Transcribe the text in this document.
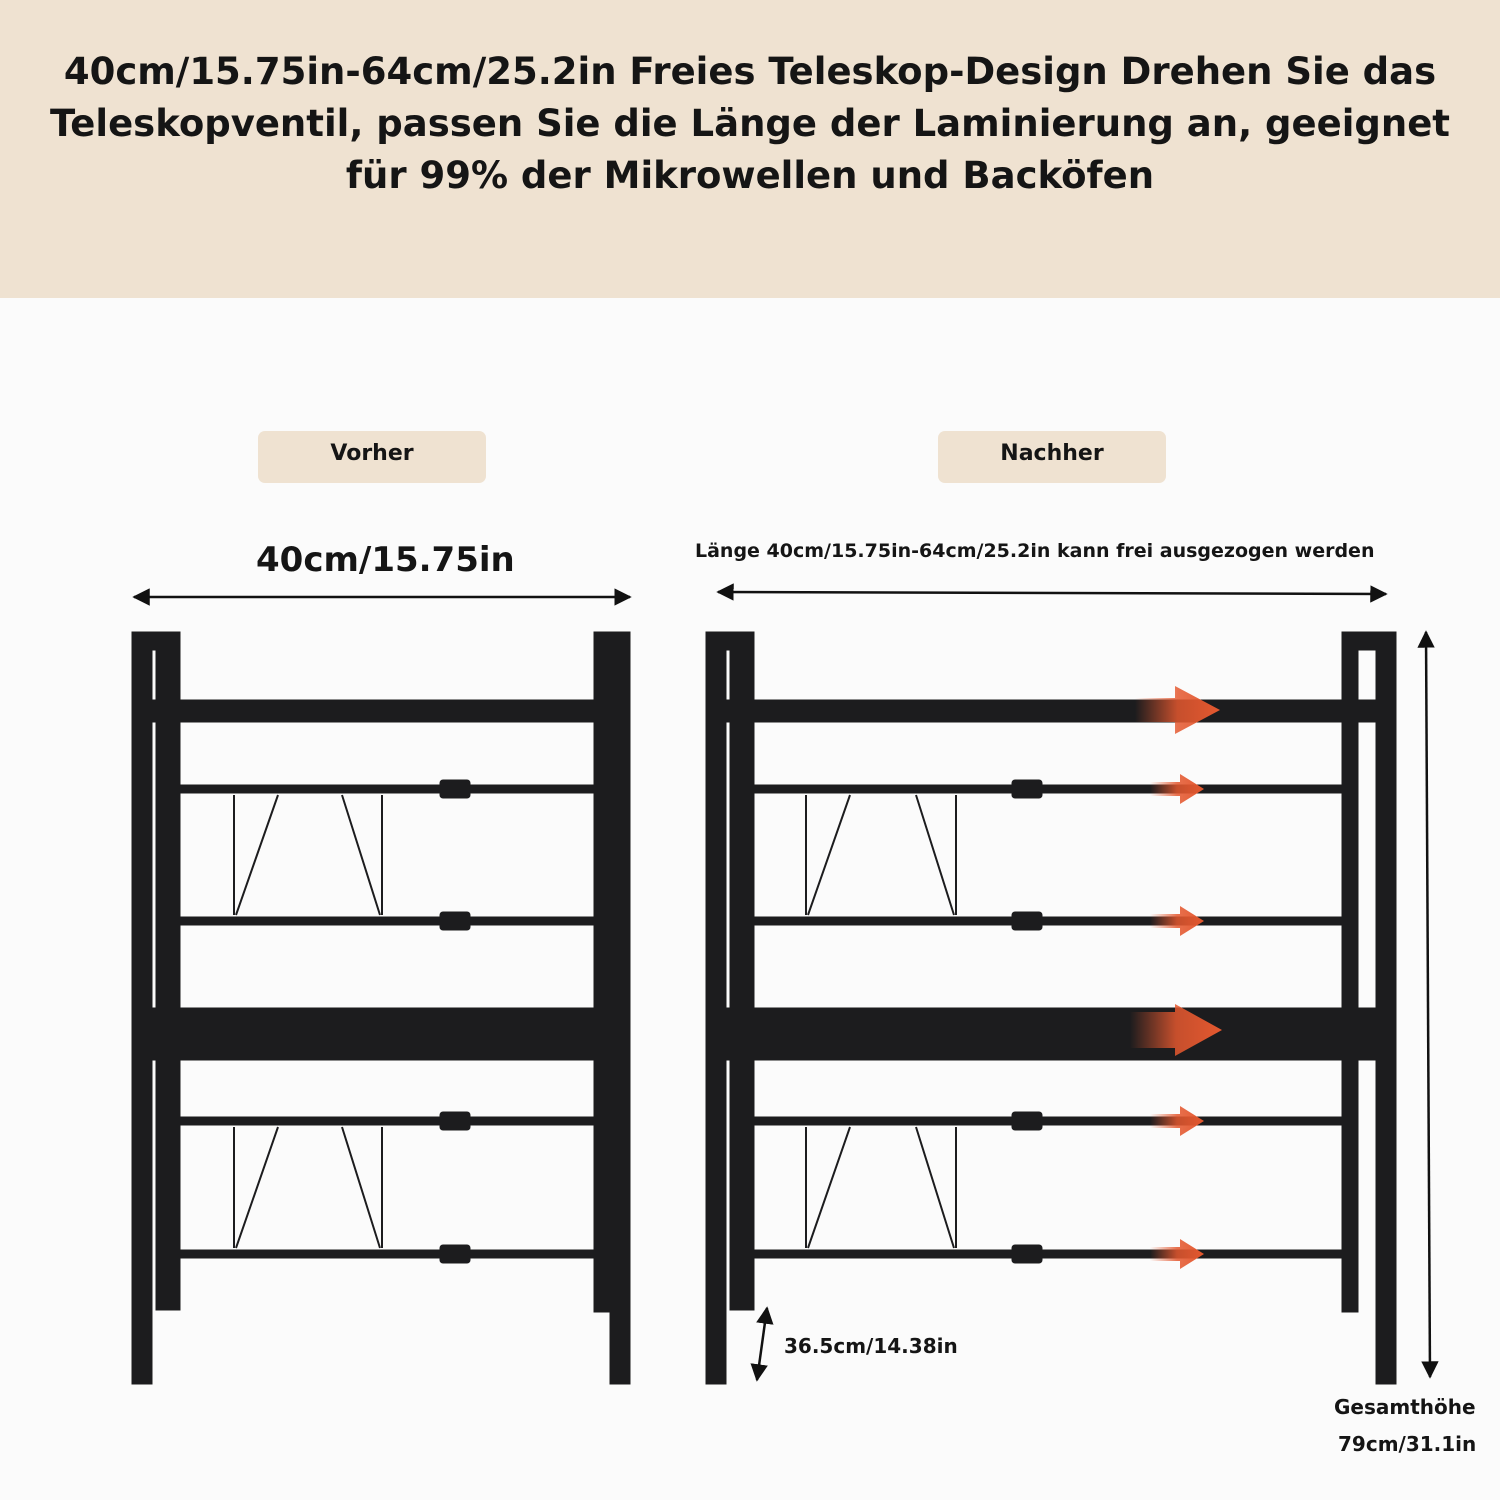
40cm/15.75in-64cm/25.2in Freies Teleskop-Design Drehen Sie das Teleskopventil, passen Sie die Länge der Laminierung an, geeignet für 99% der Mikrowellen und Backöfen

Vorher	Nachher
40cm/15.75in	Länge 40cm/15.75in-64cm/25.2in kann frei ausgezogen werden
36.5cm/14.38in
Gesamthöhe
79cm/31.1in
